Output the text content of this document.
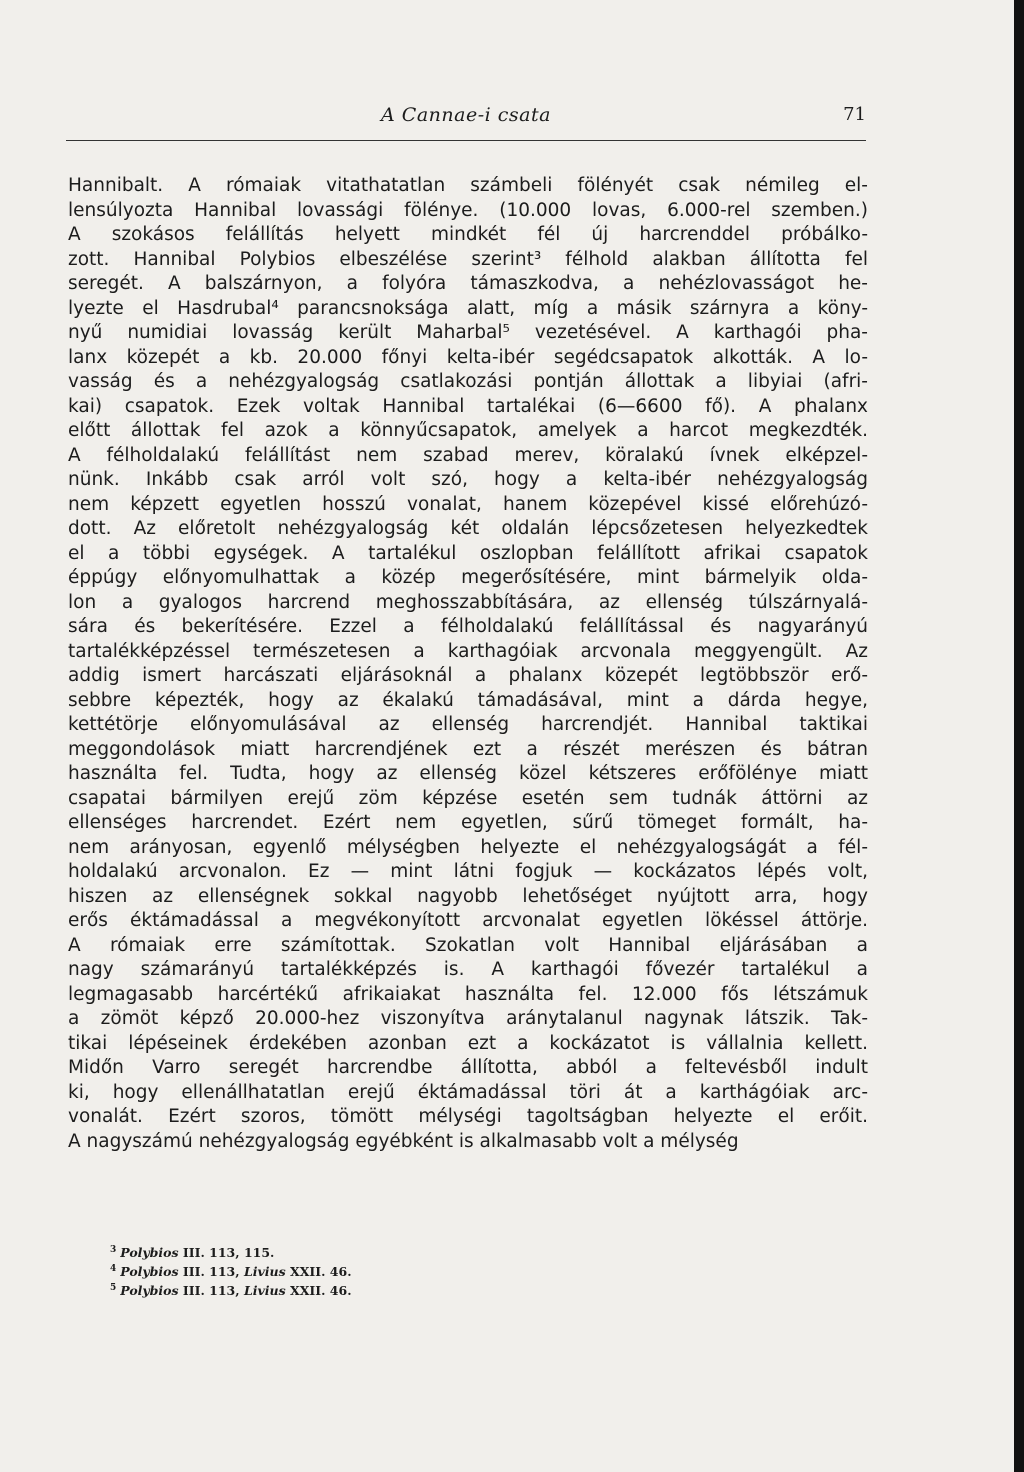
A Cannae-i csata	71
Hannibalt. A rómaiak vitathatatlan számbeli fölényét csak némileg el-
lensúlyozta Hannibal lovassági fölénye. (10.000 lovas, 6.000-rel szemben.)
A szokásos felállítás helyett mindkét fél új harcrenddel próbálko-
zott. Hannibal Polybios elbeszélése szerint³ félhold alakban állította fel
seregét. A balszárnyon, a folyóra támaszkodva, a nehézlovasságot he-
lyezte el Hasdrubal⁴ parancsnoksága alatt, míg a másik szárnyra a köny-
nyű numidiai lovasság került Maharbal⁵ vezetésével. A karthagói pha-
lanx közepét a kb. 20.000 főnyi kelta-ibér segédcsapatok alkották. A lo-
vasság és a nehézgyalogság csatlakozási pontján állottak a libyiai (afri-
kai) csapatok. Ezek voltak Hannibal tartalékai (6—6600 fő). A phalanx
előtt állottak fel azok a könnyűcsapatok, amelyek a harcot megkezdték.
A félholdalakú felállítást nem szabad merev, köralakú ívnek elképzel-
nünk. Inkább csak arról volt szó, hogy a kelta-ibér nehézgyalogság
nem képzett egyetlen hosszú vonalat, hanem közepével kissé előrehúzó-
dott. Az előretolt nehézgyalogság két oldalán lépcsőzetesen helyezkedtek
el a többi egységek. A tartalékul oszlopban felállított afrikai csapatok
éppúgy előnyomulhattak a közép megerősítésére, mint bármelyik olda-
lon a gyalogos harcrend meghosszabbítására, az ellenség túlszárnyalá-
sára és bekerítésére. Ezzel a félholdalakú felállítással és nagyarányú
tartalékképzéssel természetesen a karthagóiak arcvonala meggyengült. Az
addig ismert harcászati eljárásoknál a phalanx közepét legtöbbször erő-
sebbre képezték, hogy az ékalakú támadásával, mint a dárda hegye,
kettétörje előnyomulásával az ellenség harcrendjét. Hannibal taktikai
meggondolások miatt harcrendjének ezt a részét merészen és bátran
használta fel. Tudta, hogy az ellenség közel kétszeres erőfölénye miatt
csapatai bármilyen erejű zöm képzése esetén sem tudnák áttörni az
ellenséges harcrendet. Ezért nem egyetlen, sűrű tömeget formált, ha-
nem arányosan, egyenlő mélységben helyezte el nehézgyalogságát a fél-
holdalakú arcvonalon. Ez — mint látni fogjuk — kockázatos lépés volt,
hiszen az ellenségnek sokkal nagyobb lehetőséget nyújtott arra, hogy
erős éktámadással a megvékonyított arcvonalat egyetlen lökéssel áttörje.
A rómaiak erre számítottak. Szokatlan volt Hannibal eljárásában a
nagy számarányú tartalékképzés is. A karthagói fővezér tartalékul a
legmagasabb harcértékű afrikaiakat használta fel. 12.000 fős létszámuk
a zömöt képző 20.000-hez viszonyítva aránytalanul nagynak látszik. Tak-
tikai lépéseinek érdekében azonban ezt a kockázatot is vállalnia kellett.
Midőn Varro seregét harcrendbe állította, abból a feltevésből indult
ki, hogy ellenállhatatlan erejű éktámadással töri át a karthágóiak arc-
vonalát. Ezért szoros, tömött mélységi tagoltságban helyezte el erőit.
A nagyszámú nehézgyalogság egyébként is alkalmasabb volt a mélység
$^3$ Polybios III. 113, 115.
$^4$ Polybios III. 113, Livius XXII. 46.
$^5$ Polybios III. 113, Livius XXII. 46.
